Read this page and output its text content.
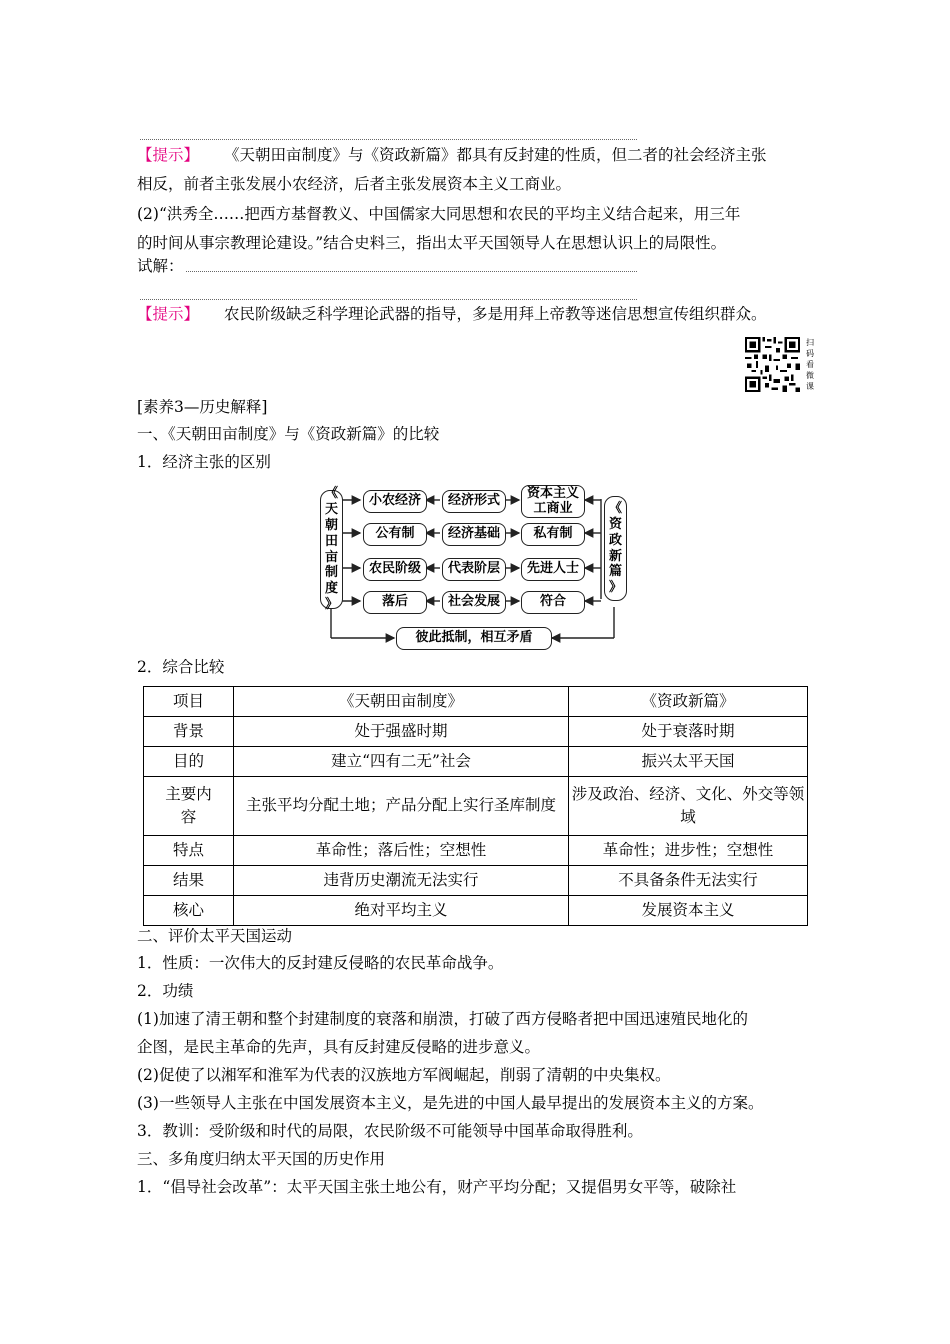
【提示】 《天朝田亩制度》与《资政新篇》都具有反封建的性质，但二者的社会经济主张
相反，前者主张发展小农经济，后者主张发展资本主义工商业。
(2)“洪秀全……把西方基督教义、中国儒家大同思想和农民的平均主义结合起来，用三年
的时间从事宗教理论建设。”结合史料三，指出太平天国领导人在思想认识上的局限性。
试解：
【提示】 农民阶级缺乏科学理论武器的指导，多是用拜上帝教等迷信思想宣传组织群众。
扫码看微课
[素养3—历史解释]
一、《天朝田亩制度》与《资政新篇》的比较
1．经济主张的区别
《
天
朝
田
亩
制
度
》
《
资
政
新
篇
》
小农经济	经济形式	资本主义工商业
公有制	经济基础	私有制
农民阶级	代表阶层	先进人士
落后	社会发展	符合
彼此抵制，相互矛盾
2．综合比较
项目	《天朝田亩制度》	《资政新篇》
背景	处于强盛时期	处于衰落时期
目的	建立“四有二无”社会	振兴太平天国
主要内容	主张平均分配土地；产品分配上实行圣库制度	涉及政治、经济、文化、外交等领域
特点	革命性；落后性；空想性	革命性；进步性；空想性
结果	违背历史潮流无法实行	不具备条件无法实行
核心	绝对平均主义	发展资本主义
二、评价太平天国运动
1．性质：一次伟大的反封建反侵略的农民革命战争。
2．功绩
(1)加速了清王朝和整个封建制度的衰落和崩溃，打破了西方侵略者把中国迅速殖民地化的
企图，是民主革命的先声，具有反封建反侵略的进步意义。
(2)促使了以湘军和淮军为代表的汉族地方军阀崛起，削弱了清朝的中央集权。
(3)一些领导人主张在中国发展资本主义，是先进的中国人最早提出的发展资本主义的方案。
3．教训：受阶级和时代的局限，农民阶级不可能领导中国革命取得胜利。
三、多角度归纳太平天国的历史作用
1．“倡导社会改革”：太平天国主张土地公有，财产平均分配；又提倡男女平等，破除社
